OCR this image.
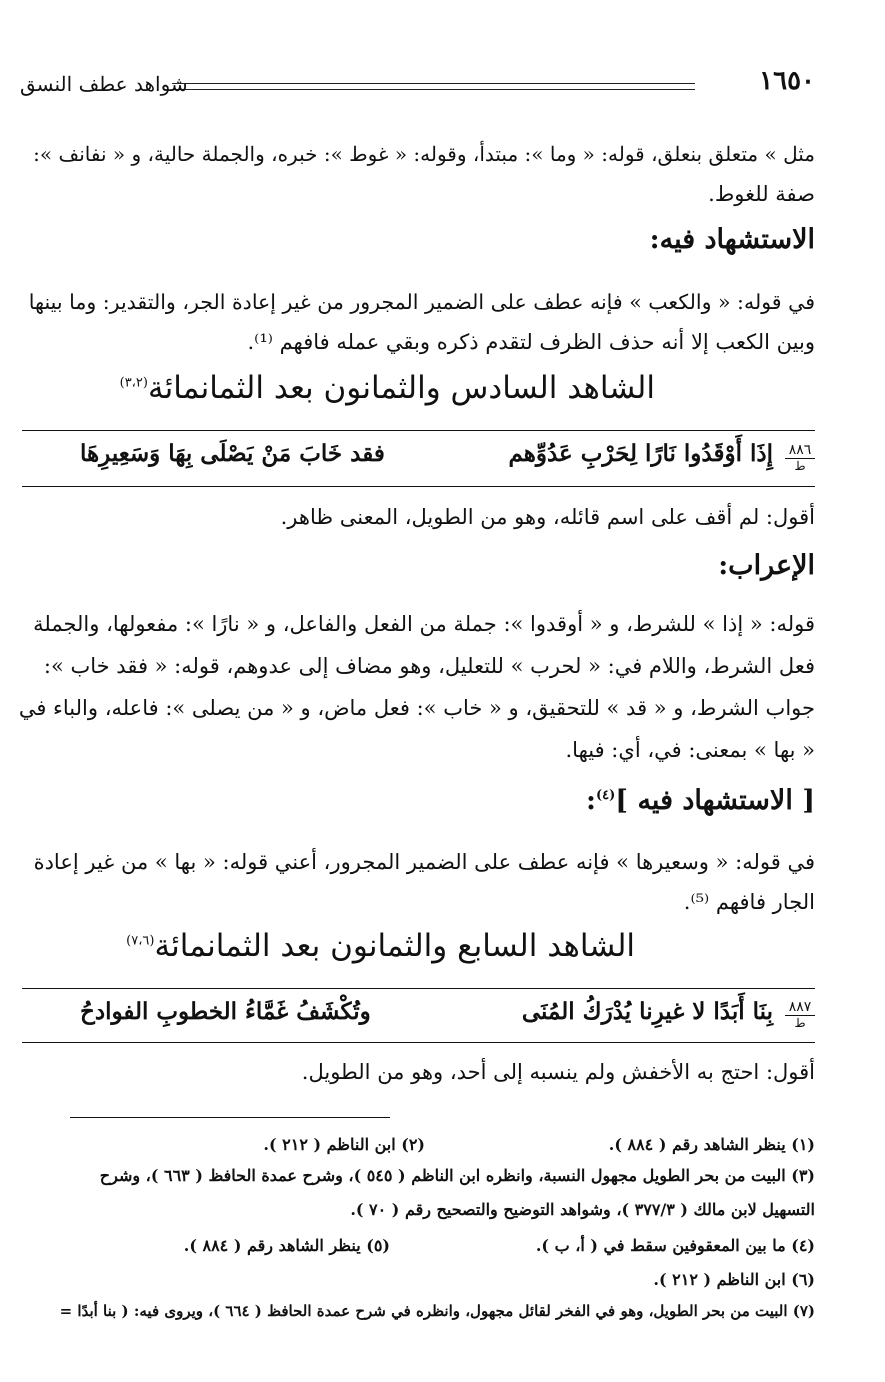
١٦٥٠
شواهد عطف النسق
مثل » متعلق بنعلق، قوله: « وما »: مبتدأ، وقوله: « غوط »: خبره، والجملة حالية، و « نفانف »:
صفة للغوط.
الاستشهاد فيه:
في قوله: « والكعب » فإنه عطف على الضمير المجرور من غير إعادة الجر، والتقدير: وما بينها
وبين الكعب إلا أنه حذف الظرف لتقدم ذكره وبقي عمله فافهم ⁽¹⁾.
الشاهد السادس والثمانون بعد الثمانمائة$^{(٣،٢)}$
٨٨٦
ط
إِذَا أَوْقَدُوا نَارًا لِحَرْبِ عَدُوِّهم
فقد خَابَ مَنْ يَصْلَى بِهَا وَسَعِيرِهَا
أقول: لم أقف على اسم قائله، وهو من الطويل، المعنى ظاهر.
الإعراب:
قوله: « إذا » للشرط، و « أوقدوا »: جملة من الفعل والفاعل، و « نارًا »: مفعولها، والجملة
فعل الشرط، واللام في: « لحرب » للتعليل، وهو مضاف إلى عدوهم، قوله: « فقد خاب »:
جواب الشرط، و « قد » للتحقيق، و « خاب »: فعل ماض، و « من يصلى »: فاعله، والباء في
« بها » بمعنى: في، أي: فيها.
[ الاستشهاد فيه ]$^{(٤)}$:
في قوله: « وسعيرها » فإنه عطف على الضمير المجرور، أعني قوله: « بها » من غير إعادة
الجار فافهم ⁽⁵⁾.
الشاهد السابع والثمانون بعد الثمانمائة$^{(٧،٦)}$
٨٨٧
ط
بِنَا أَبَدًا لا غيرِنا يُدْرَكُ المُنَى
وتُكْشَفُ غَمَّاءُ الخطوبِ الفوادحُ
أقول: احتج به الأخفش ولم ينسبه إلى أحد، وهو من الطويل.
(١) ينظر الشاهد رقم ( ٨٨٤ ).
(٢) ابن الناظم ( ٢١٢ ).
(٣) البيت من بحر الطويل مجهول النسبة، وانظره ابن الناظم ( ٥٤٥ )، وشرح عمدة الحافظ ( ٦٦٣ )، وشرح
التسهيل لابن مالك ( ٣٧٧/٣ )، وشواهد التوضيح والتصحيح رقم ( ٧٠ ).
(٤) ما بين المعقوفين سقط في ( أ، ب ).
(٥) ينظر الشاهد رقم ( ٨٨٤ ).
(٦) ابن الناظم ( ٢١٢ ).
(٧) البيت من بحر الطويل، وهو في الفخر لقائل مجهول، وانظره في شرح عمدة الحافظ ( ٦٦٤ )، ويروى فيه: ( بنا أبدًا =
